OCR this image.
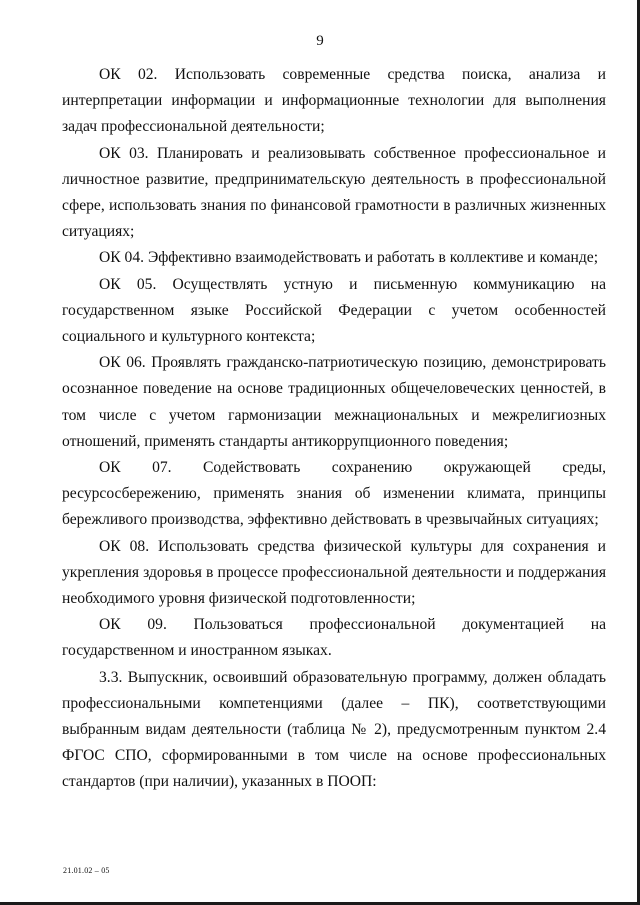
9

ОК 02. Использовать современные средства поиска, анализа и интерпретации информации и информационные технологии для выполнения задач профессиональной деятельности;

ОК 03. Планировать и реализовывать собственное профессиональное и личностное развитие, предпринимательскую деятельность в профессиональной сфере, использовать знания по финансовой грамотности в различных жизненных ситуациях;

ОК 04. Эффективно взаимодействовать и работать в коллективе и команде;

ОК 05. Осуществлять устную и письменную коммуникацию на государственном языке Российской Федерации с учетом особенностей социального и культурного контекста;

ОК 06. Проявлять гражданско-патриотическую позицию, демонстрировать осознанное поведение на основе традиционных общечеловеческих ценностей, в том числе с учетом гармонизации межнациональных и межрелигиозных отношений, применять стандарты антикоррупционного поведения;

ОК 07. Содействовать сохранению окружающей среды, ресурсосбережению, применять знания об изменении климата, принципы бережливого производства, эффективно действовать в чрезвычайных ситуациях;

ОК 08. Использовать средства физической культуры для сохранения и укрепления здоровья в процессе профессиональной деятельности и поддержания необходимого уровня физической подготовленности;

ОК 09. Пользоваться профессиональной документацией на государственном и иностранном языках.

3.3. Выпускник, освоивший образовательную программу, должен обладать профессиональными компетенциями (далее – ПК), соответствующими выбранным видам деятельности (таблица № 2), предусмотренным пунктом 2.4 ФГОС СПО, сформированными в том числе на основе профессиональных стандартов (при наличии), указанных в ПООП:

21.01.02 – 05
